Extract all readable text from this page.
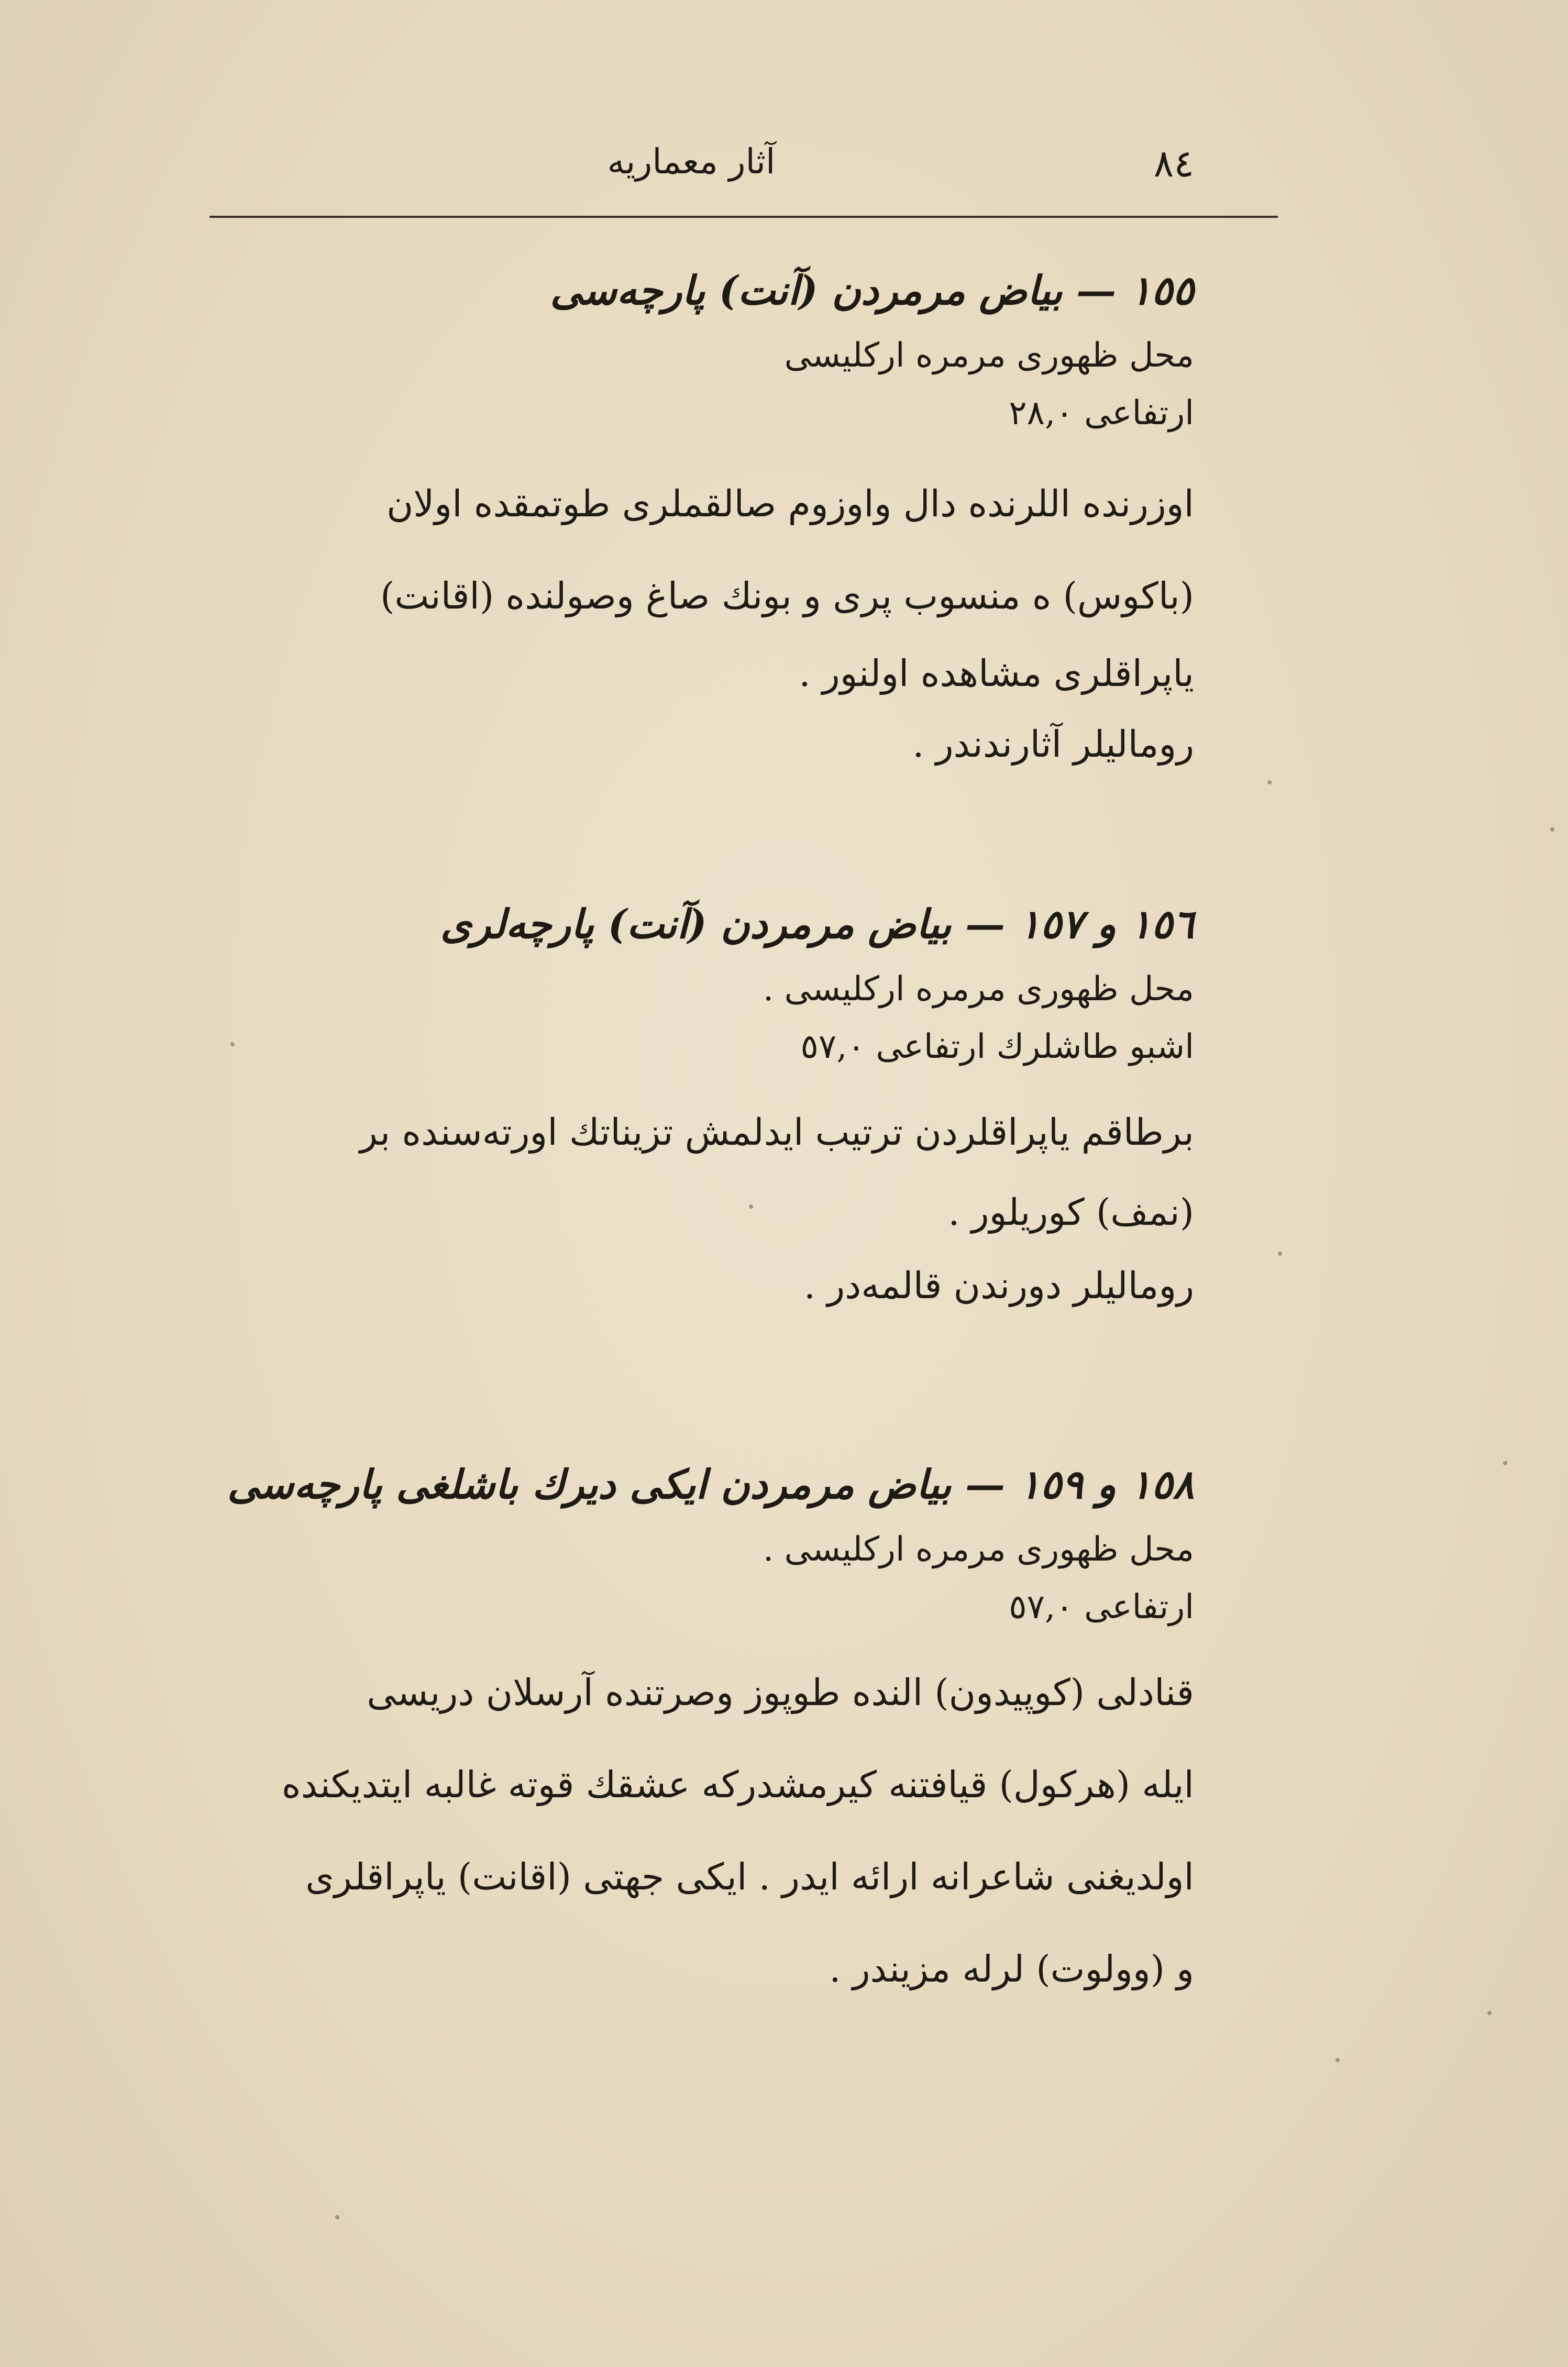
٨٤
آثار معماریه

١٥٥ — بیاض مرمردن (آنت) پارچه‌سی

محل ظهوری مرمره ارکلیسی

ارتفاعی ٢٨,٠

اوزرنده اللرنده دال واوزوم صالقملری طوتمقده اولان

(باکوس) ه منسوب پری و بونك صاغ وصولنده (اقانت)

یاپراقلری مشاهده اولنور .

روماليلر آثارندندر .

١٥٦ و ١٥٧ — بیاض مرمردن (آنت) پارچه‌لری

محل ظهوری مرمره ارکلیسی .

اشبو طاشلرك ارتفاعی ٥٧,٠

برطاقم یاپراقلردن ترتیب ایدلمش تزیناتك اورته‌سنده بر

(نمف) کوریلور .

روماليلر دورندن قالمه‌در .

١٥٨ و ١٥٩ — بیاض مرمردن ایکی دیرك باشلغی پارچه‌سی

محل ظهوری مرمره ارکلیسی .

ارتفاعی ٥٧,٠

قنادلی (کوپیدون) النده طوپوز وصرتنده آرسلان دریسی

ایله (هرکول) قیافتنه کیرمشدرکه عشقك قوته غالبه ایتدیکنده

اولدیغنی شاعرانه ارائه ایدر . ایکی جهتی (اقانت) یاپراقلری

و (وولوت) لرله مزیندر .
